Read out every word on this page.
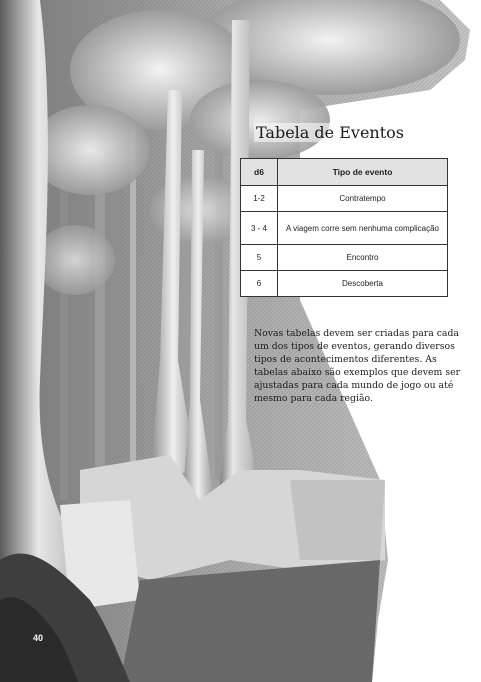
Tabela de Eventos
d6	Tipo de evento
1-2	Contratempo
3 - 4	A viagem corre sem nenhuma complicação
5	Encontro
6	Descoberta
Novas tabelas devem ser criadas para cada um dos tipos de eventos, gerando diversos tipos de acontecimentos diferentes. As tabelas abaixo são exemplos que devem ser ajustadas para cada mundo de jogo ou até mesmo para cada região.
40
